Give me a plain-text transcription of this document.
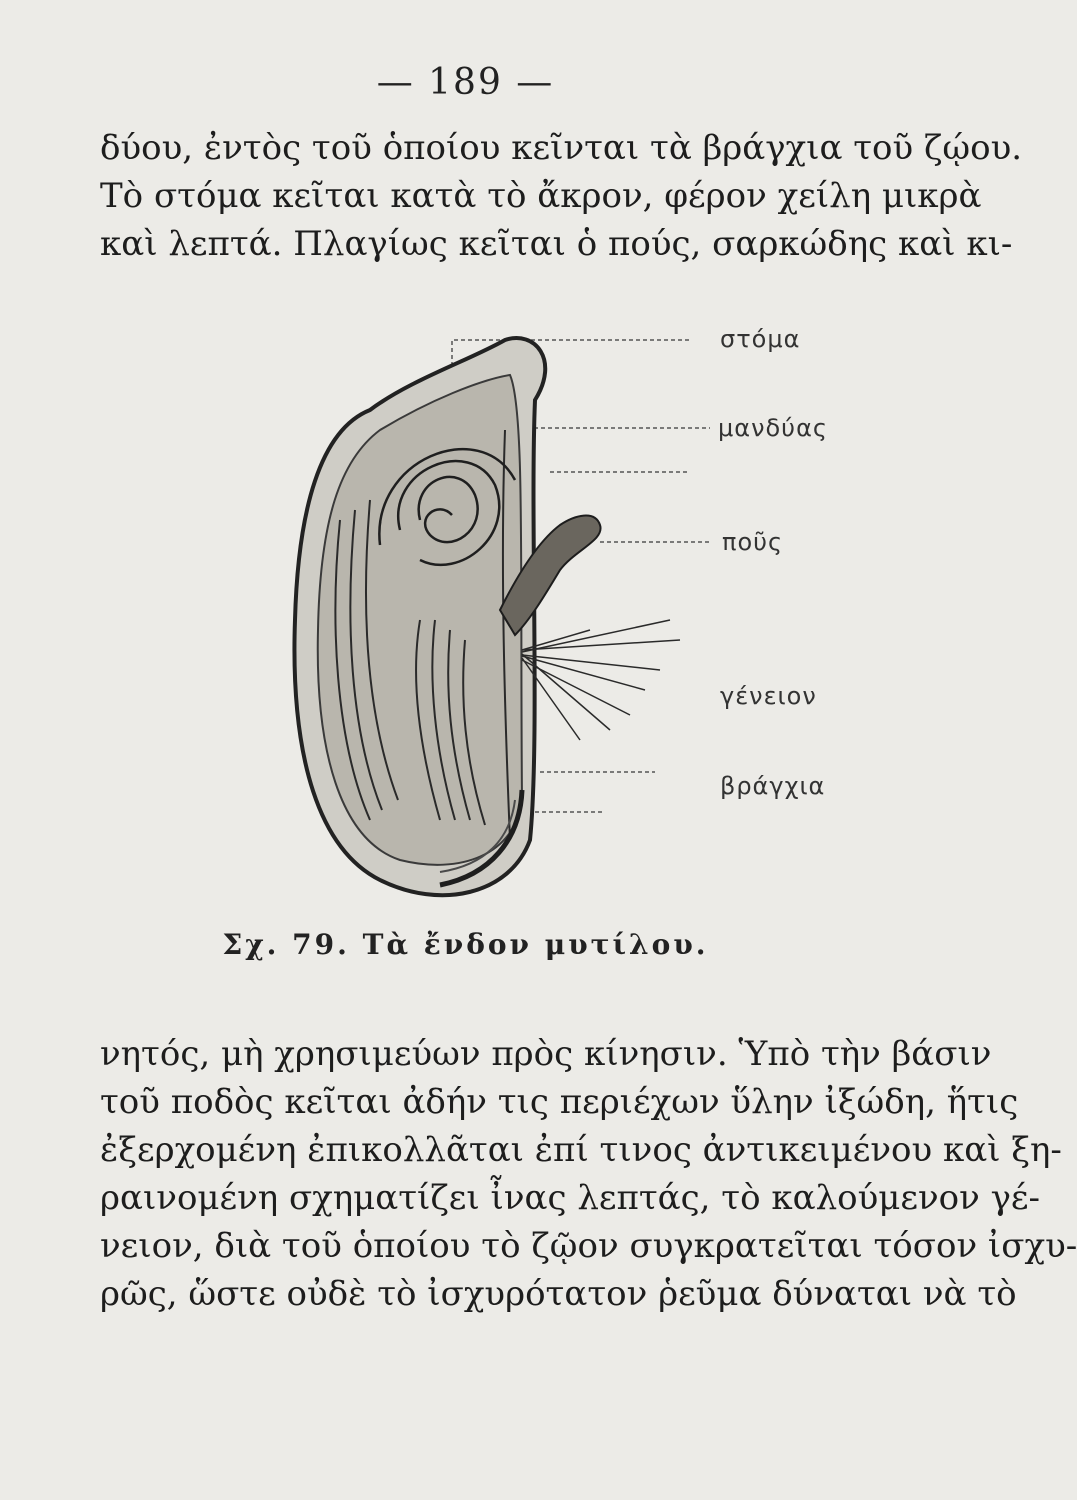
— 189 —
δύου, ἐντὸς τοῦ ὁποίου κεῖνται τὰ βράγχια τοῦ ζῴου.
Τὸ στόμα κεῖται κατὰ τὸ ἄκρον, φέρον χείλη μικρὰ
καὶ λεπτά. Πλαγίως κεῖται ὁ πούς, σαρκώδης καὶ κι-
στόμα
μανδύας
ποῦς
γένειον
βράγχια
Σχ. 79. Τὰ ἔνδον μυτίλου.
νητός, μὴ χρησιμεύων πρὸς κίνησιν. Ὑπὸ τὴν βάσιν
τοῦ ποδὸς κεῖται ἀδήν τις περιέχων ὕλην ἰξώδη, ἥτις
ἐξερχομένη ἐπικολλᾶται ἐπί τινος ἀντικειμένου καὶ ξη-
ραινομένη σχηματίζει ἶνας λεπτάς, τὸ καλούμενον γέ-
νειον, διὰ τοῦ ὁποίου τὸ ζῷον συγκρατεῖται τόσον ἰσχυ-
ρῶς, ὥστε οὐδὲ τὸ ἰσχυρότατον ῥεῦμα δύναται νὰ τὸ
